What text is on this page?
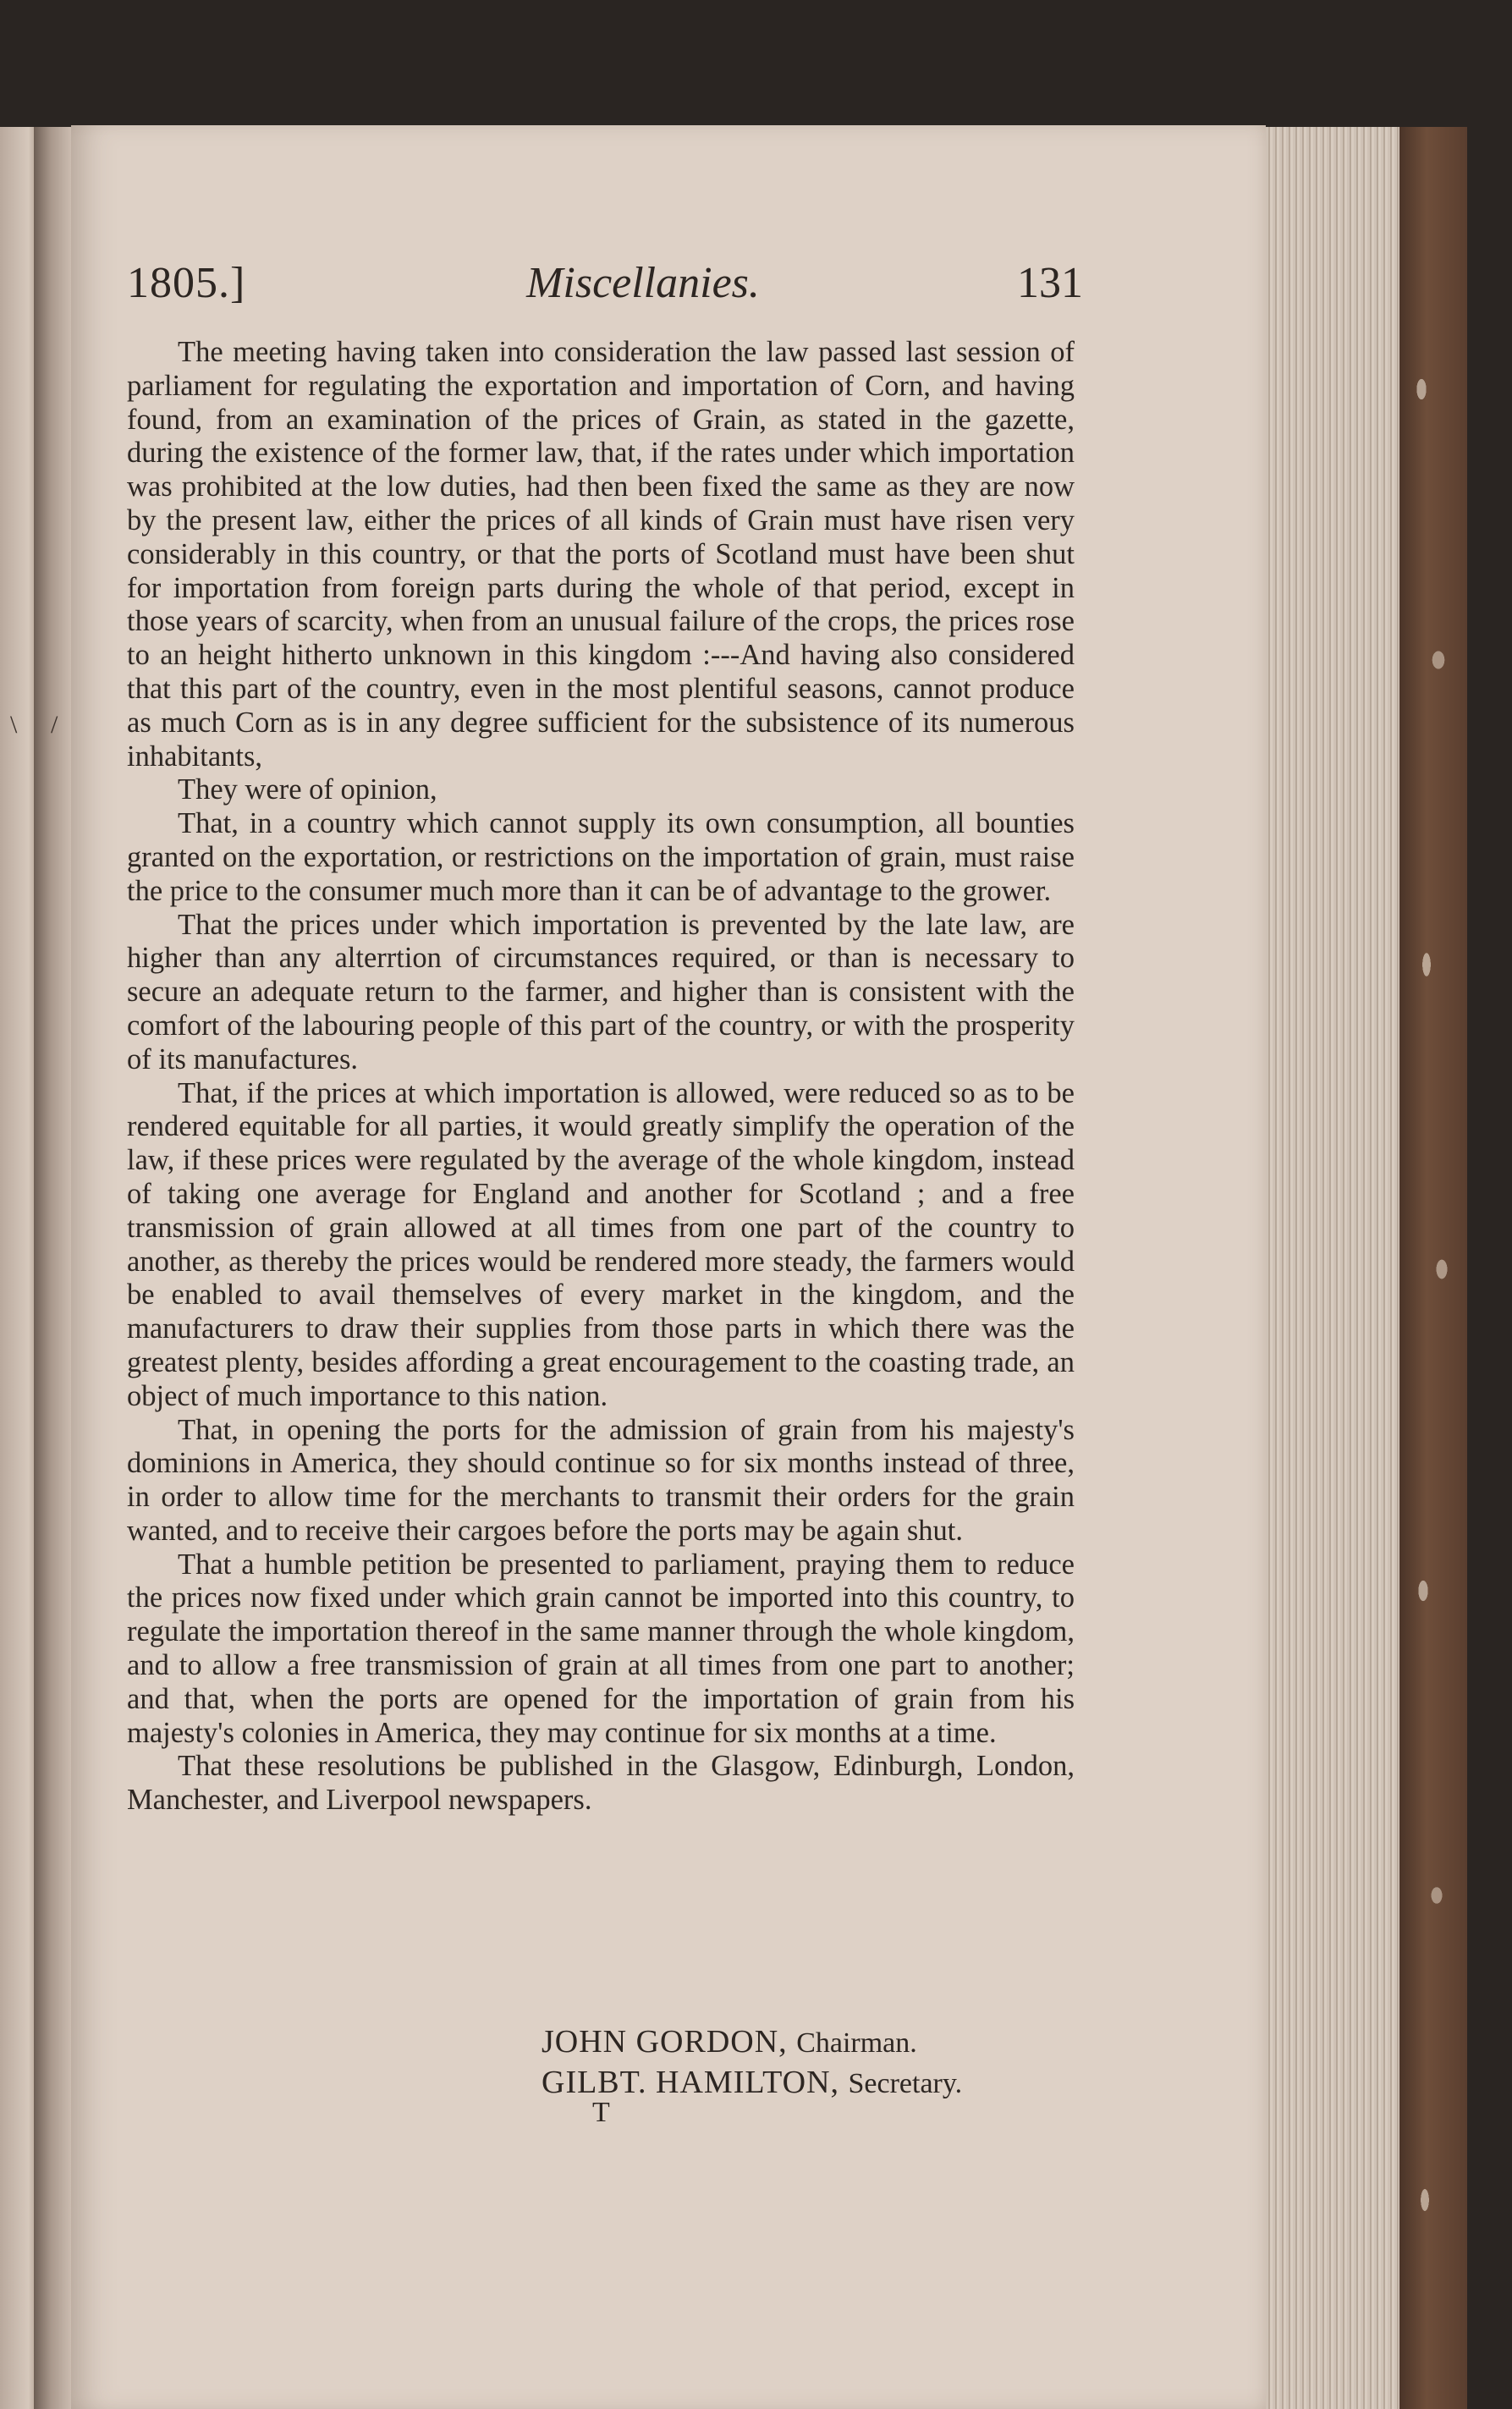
\ /
1805.]	Miscellanies.	131

The meeting having taken into consideration the law passed last session of parliament for regulating the exportation and importation of Corn, and having found, from an examination of the prices of Grain, as stated in the gazette, during the existence of the former law, that, if the rates under which importation was prohibited at the low duties, had then been fixed the same as they are now by the present law, either the prices of all kinds of Grain must have risen very considerably in this country, or that the ports of Scotland must have been shut for importation from foreign parts during the whole of that period, except in those years of scarcity, when from an unusual failure of the crops, the prices rose to an height hitherto unknown in this kingdom :---And having also considered that this part of the country, even in the most plentiful seasons, cannot produce as much Corn as is in any degree sufficient for the subsistence of its numerous inhabitants,

They were of opinion,

That, in a country which cannot supply its own consumption, all bounties granted on the exportation, or restrictions on the importation of grain, must raise the price to the consumer much more than it can be of advantage to the grower.

That the prices under which importation is prevented by the late law, are higher than any alterrtion of circumstances required, or than is necessary to secure an adequate return to the farmer, and higher than is consistent with the comfort of the labouring people of this part of the country, or with the prosperity of its manufactures.

That, if the prices at which importation is allowed, were reduced so as to be rendered equitable for all parties, it would greatly simplify the operation of the law, if these prices were regulated by the average of the whole kingdom, instead of taking one average for England and another for Scotland ; and a free transmission of grain allowed at all times from one part of the country to another, as thereby the prices would be rendered more steady, the farmers would be enabled to avail themselves of every market in the kingdom, and the manufacturers to draw their supplies from those parts in which there was the greatest plenty, besides affording a great encouragement to the coasting trade, an object of much importance to this nation.

That, in opening the ports for the admission of grain from his majesty's dominions in America, they should continue so for six months instead of three, in order to allow time for the merchants to transmit their orders for the grain wanted, and to receive their cargoes before the ports may be again shut.

That a humble petition be presented to parliament, praying them to reduce the prices now fixed under which grain cannot be imported into this country, to regulate the importation thereof in the same manner through the whole kingdom, and to allow a free transmission of grain at all times from one part to another; and that, when the ports are opened for the importation of grain from his majesty's colonies in America, they may continue for six months at a time.

That these resolutions be published in the Glasgow, Edinburgh, London, Manchester, and Liverpool newspapers.

JOHN GORDON, Chairman.
GILBT. HAMILTON, Secretary.
T
